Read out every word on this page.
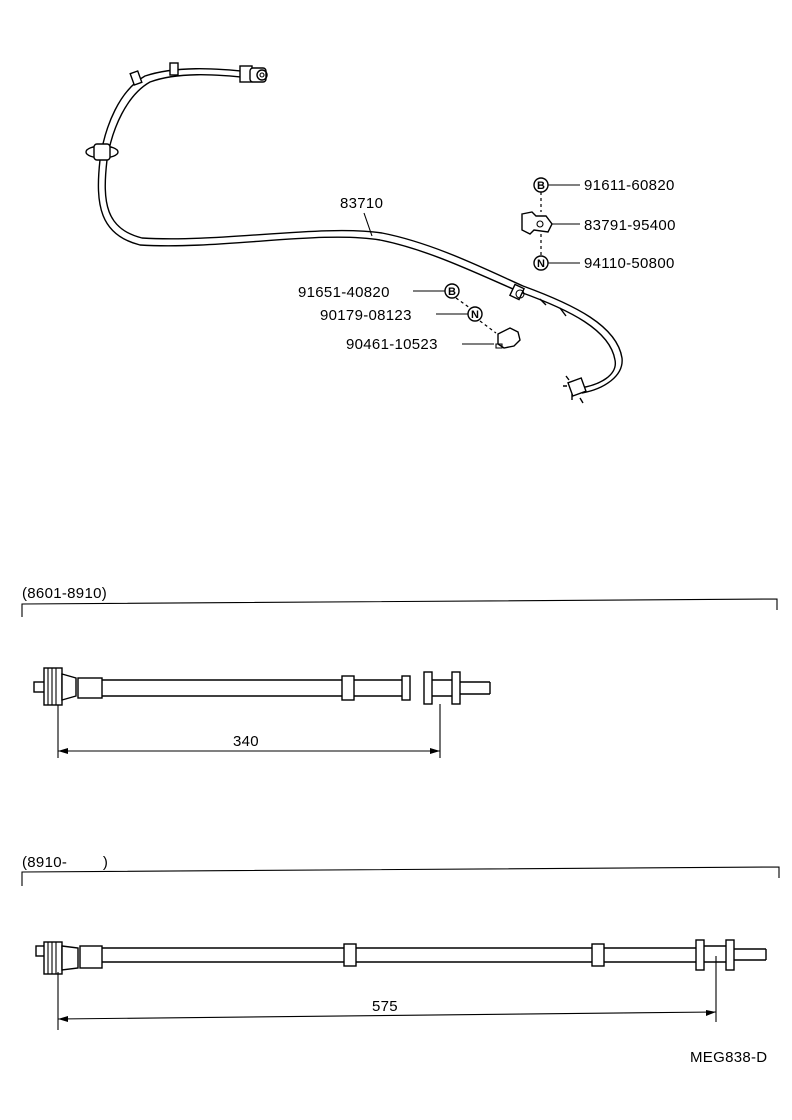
83710
B	91611-60820
83791-95400
N	94110-50800
91651-40820	B
90179-08123	N
90461-10523
(8601-8910)
340
(8910-        )
575
MEG838-D
